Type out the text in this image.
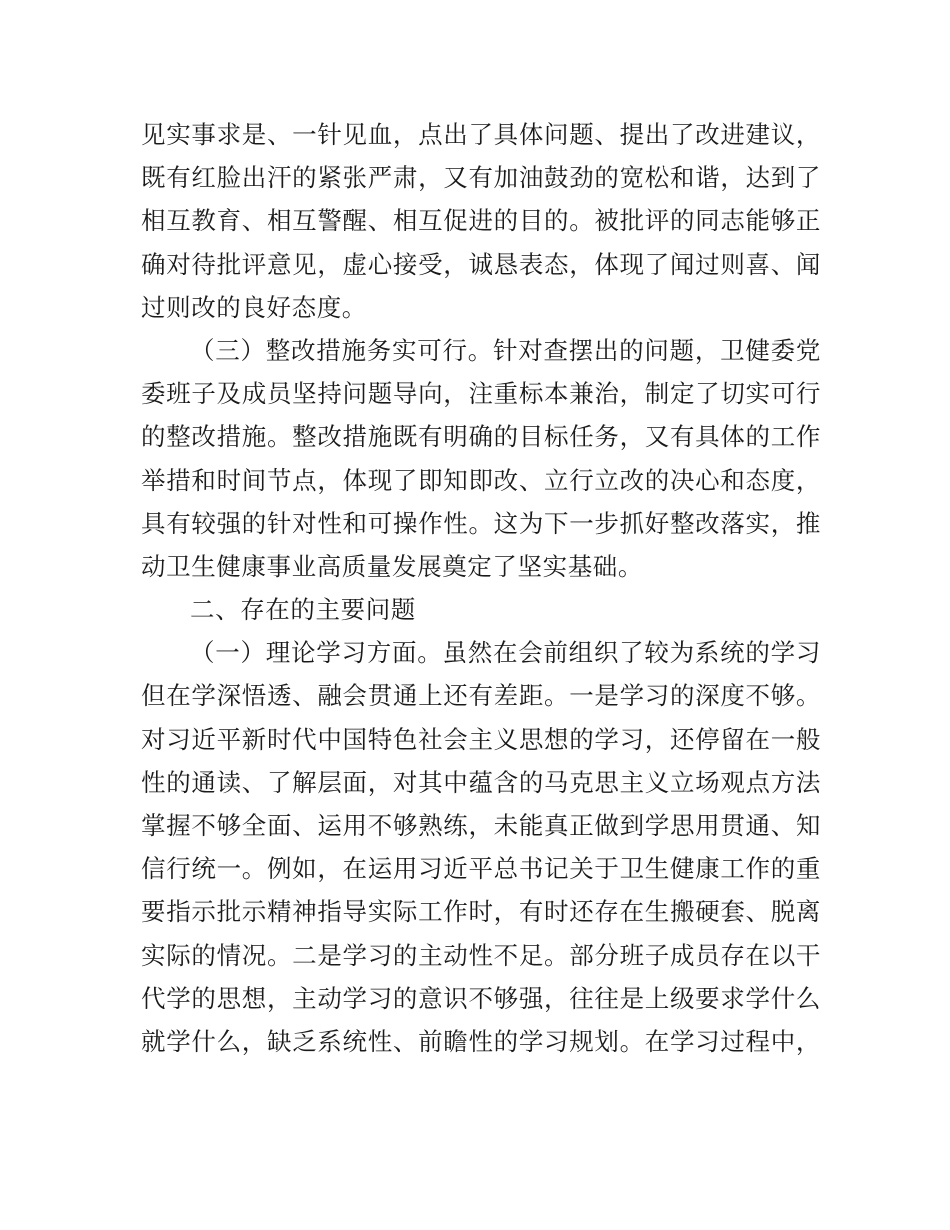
见实事求是、一针见血，点出了具体问题、提出了改进建议，
既有红脸出汗的紧张严肃，又有加油鼓劲的宽松和谐，达到了
相互教育、相互警醒、相互促进的目的。被批评的同志能够正
确对待批评意见，虚心接受，诚恳表态，体现了闻过则喜、闻
过则改的良好态度。
（三）整改措施务实可行。针对查摆出的问题，卫健委党
委班子及成员坚持问题导向，注重标本兼治，制定了切实可行
的整改措施。整改措施既有明确的目标任务，又有具体的工作
举措和时间节点，体现了即知即改、立行立改的决心和态度，
具有较强的针对性和可操作性。这为下一步抓好整改落实，推
动卫生健康事业高质量发展奠定了坚实基础。
二、存在的主要问题
（一）理论学习方面。虽然在会前组织了较为系统的学习
但在学深悟透、融会贯通上还有差距。一是学习的深度不够。
对习近平新时代中国特色社会主义思想的学习，还停留在一般
性的通读、了解层面，对其中蕴含的马克思主义立场观点方法
掌握不够全面、运用不够熟练，未能真正做到学思用贯通、知
信行统一。例如，在运用习近平总书记关于卫生健康工作的重
要指示批示精神指导实际工作时，有时还存在生搬硬套、脱离
实际的情况。二是学习的主动性不足。部分班子成员存在以干
代学的思想，主动学习的意识不够强，往往是上级要求学什么
就学什么，缺乏系统性、前瞻性的学习规划。在学习过程中，
